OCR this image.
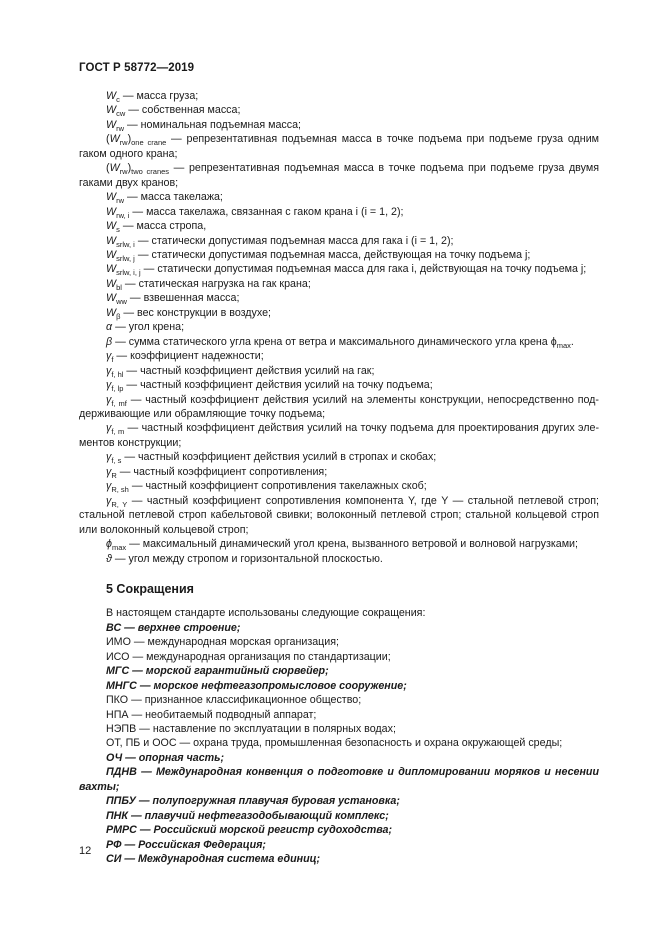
ГОСТ Р 58772—2019
$W_c$ — масса груза;
$W_{cw}$ — собственная масса;
$W_{rw}$ — номинальная подъемная масса;
$(W_{rw})_{one crane}$ — репрезентативная подъемная масса в точке подъема при подъеме груза одним гаком одного крана;
$(W_{rw})_{two cranes}$ — репрезентативная подъемная масса в точке подъема при подъеме груза двумя гаками двух кранов;
$W_{rw}$ — масса такелажа;
$W_{rw, i}$ — масса такелажа, связанная с гаком крана i (i = 1, 2);
$W_s$ — масса стропа,
$W_{srlw, i}$ — статически допустимая подъемная масса для гака i (i = 1, 2);
$W_{srlw, j}$ — статически допустимая подъемная масса, действующая на точку подъема j;
$W_{srlw, i, j}$ — статически допустимая подъемная масса для гака i, действующая на точку подъема j;
$W_{bl}$ — статическая нагрузка на гак крана;
$W_{ww}$ — взвешенная масса;
$W_\beta$ — вес конструкции в воздухе;
α — угол крена;
β — сумма статического угла крена от ветра и максимального динамического угла крена $\phi_{max}$.
$\gamma_f$ — коэффициент надежности;
$\gamma_{f, hl}$ — частный коэффициент действия усилий на гак;
$\gamma_{f, lp}$ — частный коэффициент действия усилий на точку подъема;
$\gamma_{f, mf}$ — частный коэффициент действия усилий на элементы конструкции, непосредственно под-держивающие или обрамляющие точку подъема;
$\gamma_{f, m}$ — частный коэффициент действия усилий на точку подъема для проектирования других эле-ментов конструкции;
$\gamma_{f, s}$ — частный коэффициент действия усилий в стропах и скобах;
$\gamma_R$ — частный коэффициент сопротивления;
$\gamma_{R, sh}$ — частный коэффициент сопротивления такелажных скоб;
$\gamma_{R, Y}$ — частный коэффициент сопротивления компонента Y, где Y — стальной петлевой строп; стальной петлевой строп кабельтовой свивки; волоконный петлевой строп; стальной кольцевой строп или волоконный кольцевой строп;
$\phi_{max}$ — максимальный динамический угол крена, вызванного ветровой и волновой нагрузками;
ϑ — угол между стропом и горизонтальной плоскостью.
5 Сокращения
В настоящем стандарте использованы следующие сокращения:
ВС — верхнее строение;
ИМО — международная морская организация;
ИСО — международная организация по стандартизации;
МГС — морской гарантийный сюрвейер;
МНГС — морское нефтегазопромысловое сооружение;
ПКО — признанное классификационное общество;
НПА — необитаемый подводный аппарат;
НЭПВ — наставление по эксплуатации в полярных водах;
ОТ, ПБ и ООС — охрана труда, промышленная безопасность и охрана окружающей среды;
ОЧ — опорная часть;
ПДНВ — Международная конвенция о подготовке и дипломировании моряков и несении вахты;
ППБУ — полупогружная плавучая буровая установка;
ПНК — плавучий нефтегазодобывающий комплекс;
РМРС — Российский морской регистр судоходства;
РФ — Российская Федерация;
СИ — Международная система единиц;
12
